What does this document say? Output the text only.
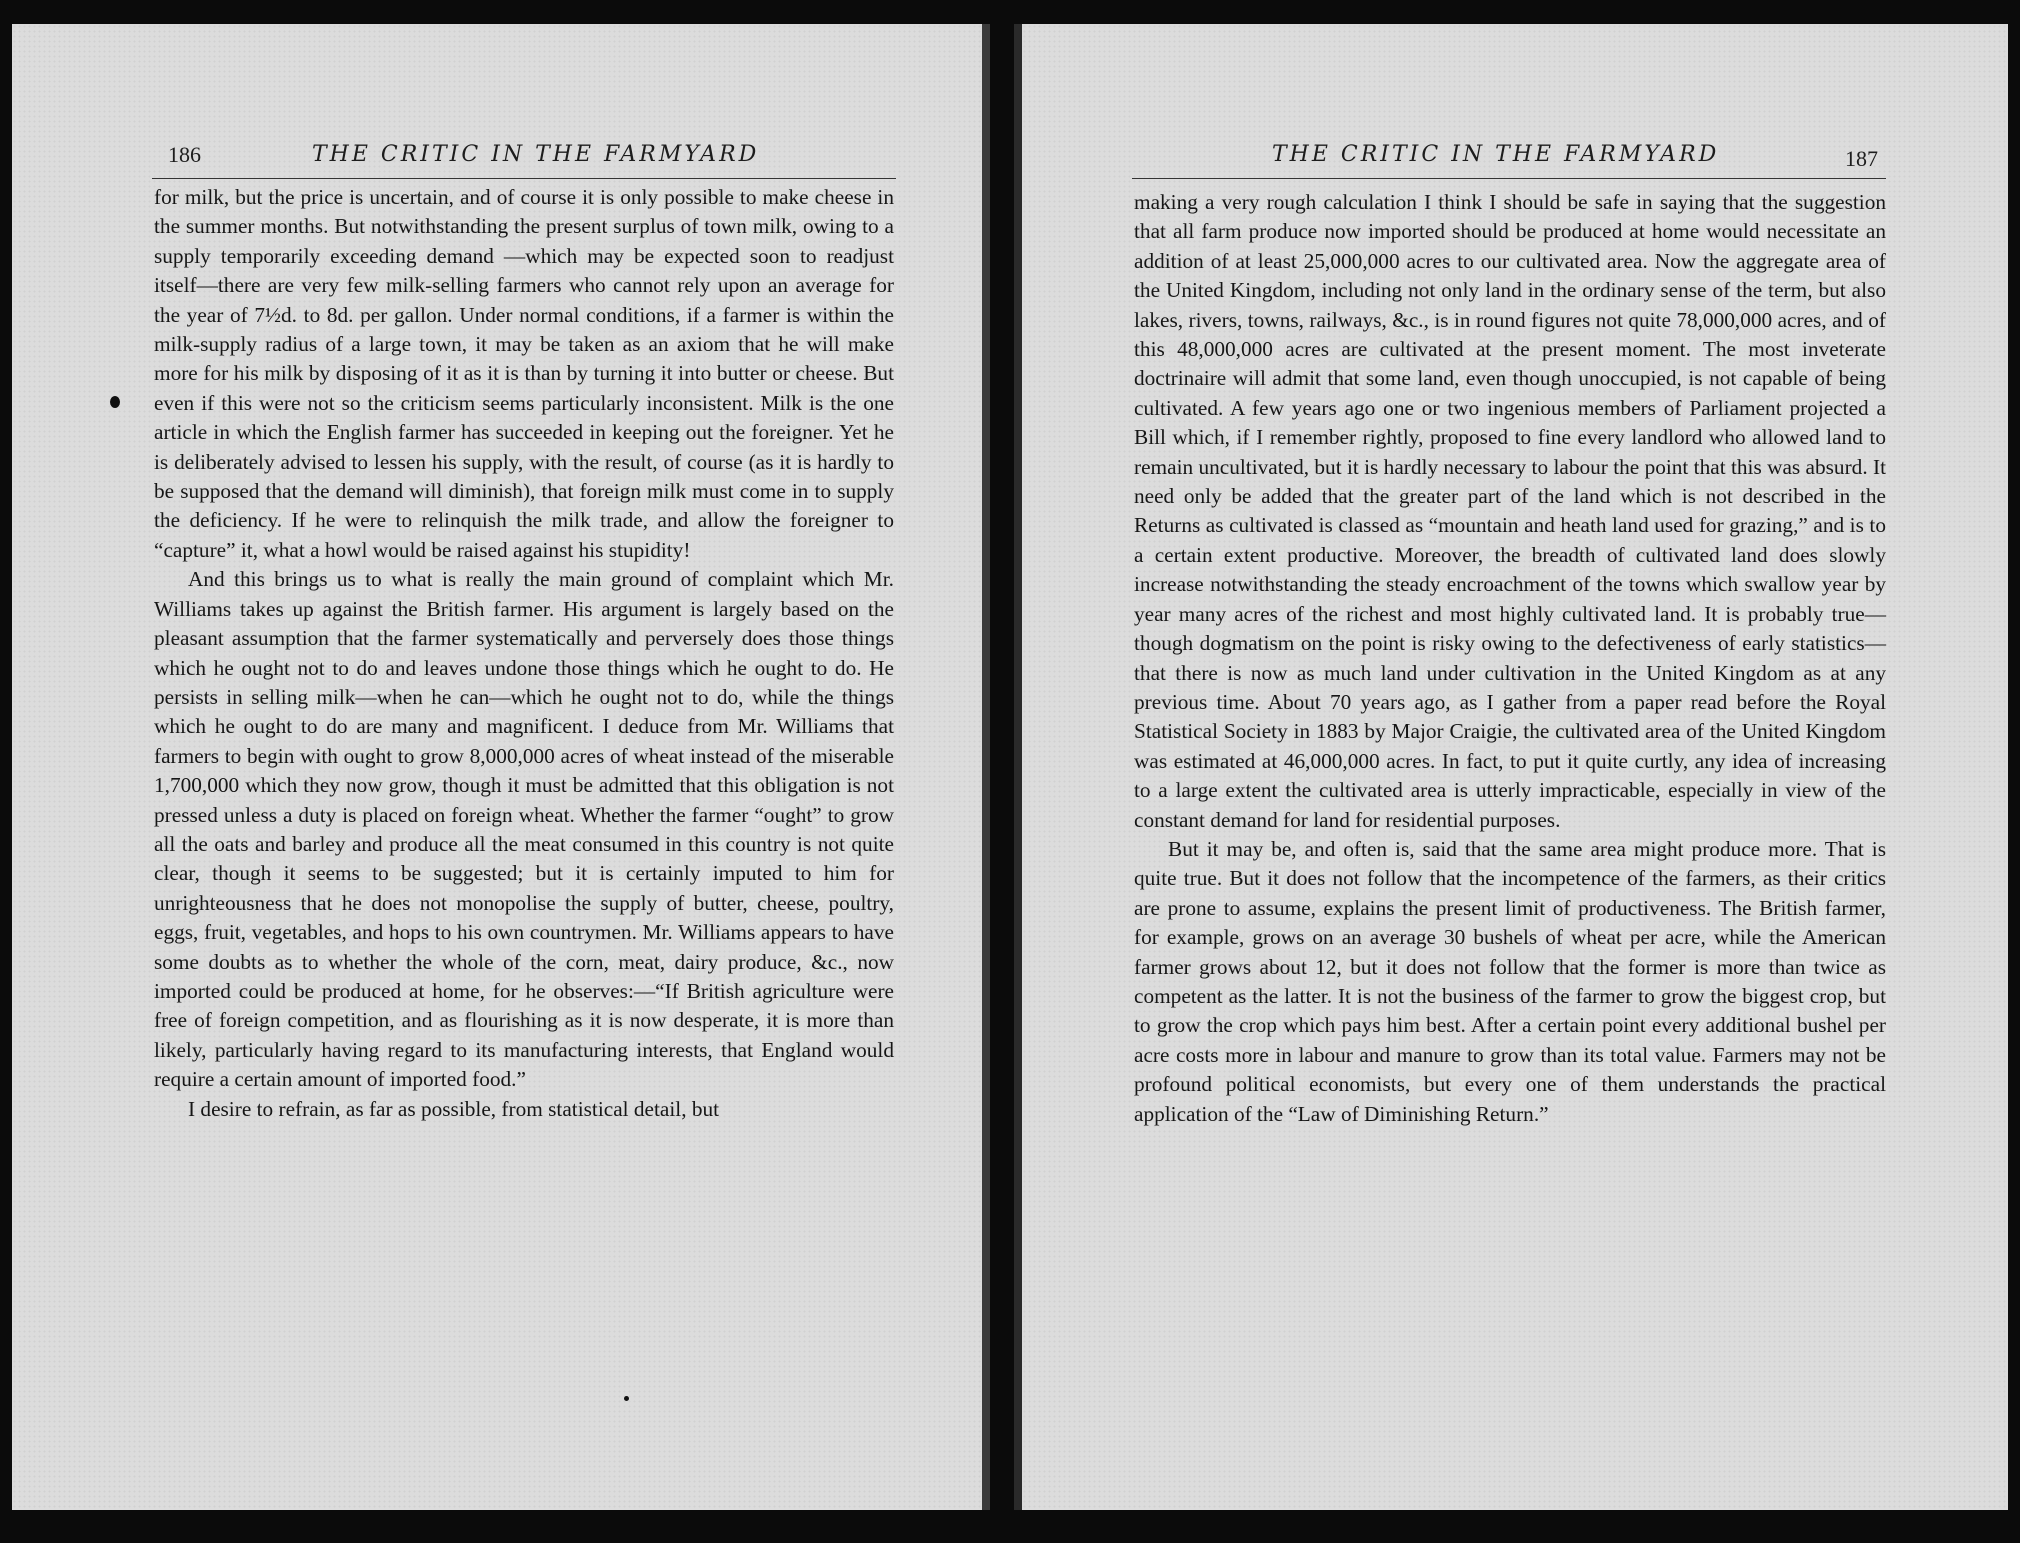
186	THE CRITIC IN THE FARMYARD

for milk, but the price is uncertain, and of course it is only possible to make cheese in the summer months. But notwithstanding the present surplus of town milk, owing to a supply temporarily exceeding demand —which may be expected soon to readjust itself—there are very few milk-selling farmers who cannot rely upon an average for the year of 7½d. to 8d. per gallon. Under normal conditions, if a farmer is within the milk-supply radius of a large town, it may be taken as an axiom that he will make more for his milk by disposing of it as it is than by turning it into butter or cheese. But even if this were not so the criticism seems particularly inconsistent. Milk is the one article in which the English farmer has succeeded in keeping out the foreigner. Yet he is deliberately advised to lessen his supply, with the result, of course (as it is hardly to be supposed that the demand will diminish), that foreign milk must come in to supply the deficiency. If he were to relinquish the milk trade, and allow the foreigner to “capture” it, what a howl would be raised against his stupidity!

And this brings us to what is really the main ground of complaint which Mr. Williams takes up against the British farmer. His argument is largely based on the pleasant assumption that the farmer systematically and perversely does those things which he ought not to do and leaves undone those things which he ought to do. He persists in selling milk—when he can—which he ought not to do, while the things which he ought to do are many and magnificent. I deduce from Mr. Williams that farmers to begin with ought to grow 8,000,000 acres of wheat instead of the miserable 1,700,000 which they now grow, though it must be admitted that this obligation is not pressed unless a duty is placed on foreign wheat. Whether the farmer “ought” to grow all the oats and barley and produce all the meat consumed in this country is not quite clear, though it seems to be suggested; but it is certainly imputed to him for unrighteousness that he does not monopolise the supply of butter, cheese, poultry, eggs, fruit, vegetables, and hops to his own countrymen. Mr. Williams appears to have some doubts as to whether the whole of the corn, meat, dairy produce, &c., now imported could be produced at home, for he observes:—“If British agriculture were free of foreign competition, and as flourishing as it is now desperate, it is more than likely, particularly having regard to its manufacturing interests, that England would require a certain amount of imported food.”

I desire to refrain, as far as possible, from statistical detail, but

THE CRITIC IN THE FARMYARD	187

making a very rough calculation I think I should be safe in saying that the suggestion that all farm produce now imported should be produced at home would necessitate an addition of at least 25,000,000 acres to our cultivated area. Now the aggregate area of the United Kingdom, including not only land in the ordinary sense of the term, but also lakes, rivers, towns, railways, &c., is in round figures not quite 78,000,000 acres, and of this 48,000,000 acres are cultivated at the present moment. The most inveterate doctrinaire will admit that some land, even though unoccupied, is not capable of being cultivated. A few years ago one or two ingenious members of Parliament projected a Bill which, if I remember rightly, proposed to fine every landlord who allowed land to remain uncultivated, but it is hardly necessary to labour the point that this was absurd. It need only be added that the greater part of the land which is not described in the Returns as cultivated is classed as “mountain and heath land used for grazing,” and is to a certain extent productive. Moreover, the breadth of cultivated land does slowly increase notwithstanding the steady encroachment of the towns which swallow year by year many acres of the richest and most highly cultivated land. It is probably true—though dogmatism on the point is risky owing to the defectiveness of early statistics—that there is now as much land under cultivation in the United Kingdom as at any previous time. About 70 years ago, as I gather from a paper read before the Royal Statistical Society in 1883 by Major Craigie, the cultivated area of the United Kingdom was estimated at 46,000,000 acres. In fact, to put it quite curtly, any idea of increasing to a large extent the cultivated area is utterly impracticable, especially in view of the constant demand for land for residential purposes.

But it may be, and often is, said that the same area might produce more. That is quite true. But it does not follow that the incompetence of the farmers, as their critics are prone to assume, explains the present limit of productiveness. The British farmer, for example, grows on an average 30 bushels of wheat per acre, while the American farmer grows about 12, but it does not follow that the former is more than twice as competent as the latter. It is not the business of the farmer to grow the biggest crop, but to grow the crop which pays him best. After a certain point every additional bushel per acre costs more in labour and manure to grow than its total value. Farmers may not be profound political economists, but every one of them understands the practical application of the “Law of Diminishing Return.”
